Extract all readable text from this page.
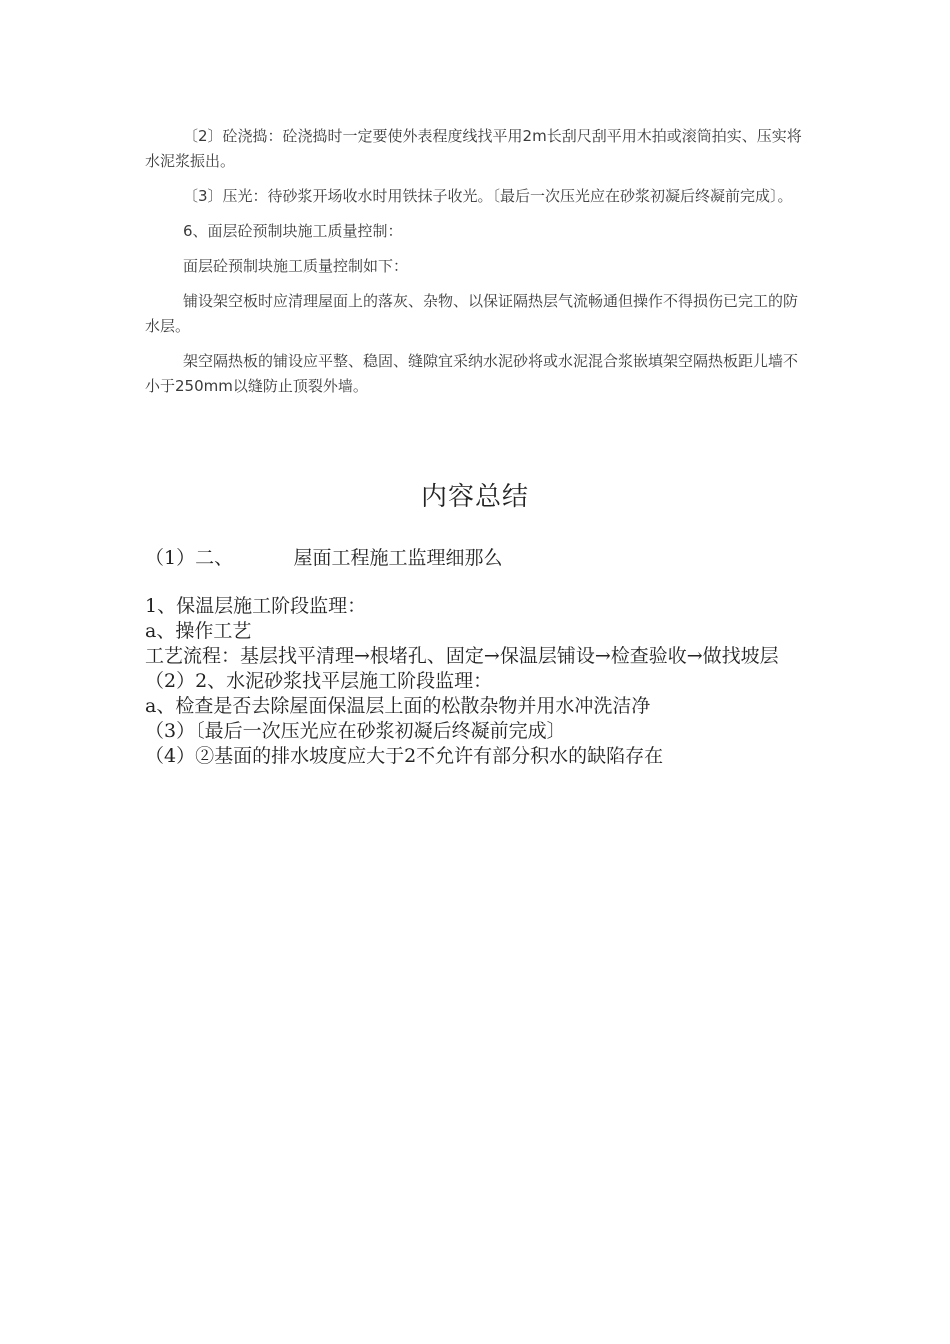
〔2〕砼浇捣：砼浇捣时一定要使外表程度线找平用2m长刮尺刮平用木拍或滚筒拍实、压实将水泥浆振出。

〔3〕压光：待砂浆开场收水时用铁抹子收光。〔最后一次压光应在砂浆初凝后终凝前完成〕。

6、面层砼预制块施工质量控制：

面层砼预制块施工质量控制如下：

铺设架空板时应清理屋面上的落灰、杂物、以保证隔热层气流畅通但操作不得损伤已完工的防水层。

架空隔热板的铺设应平整、稳固、缝隙宜采纳水泥砂将或水泥混合浆嵌填架空隔热板距儿墙不小于250mm以缝防止顶裂外墙。

内容总结
（1）二、          屋面工程施工监理细那么
1、保温层施工阶段监理：
a、操作工艺
工艺流程：基层找平清理→根堵孔、固定→保温层铺设→检查验收→做找坡层
（2）2、水泥砂浆找平层施工阶段监理：
a、检查是否去除屋面保温层上面的松散杂物并用水冲洗洁净
（3）〔最后一次压光应在砂浆初凝后终凝前完成〕
（4）②基面的排水坡度应大于2不允许有部分积水的缺陷存在
